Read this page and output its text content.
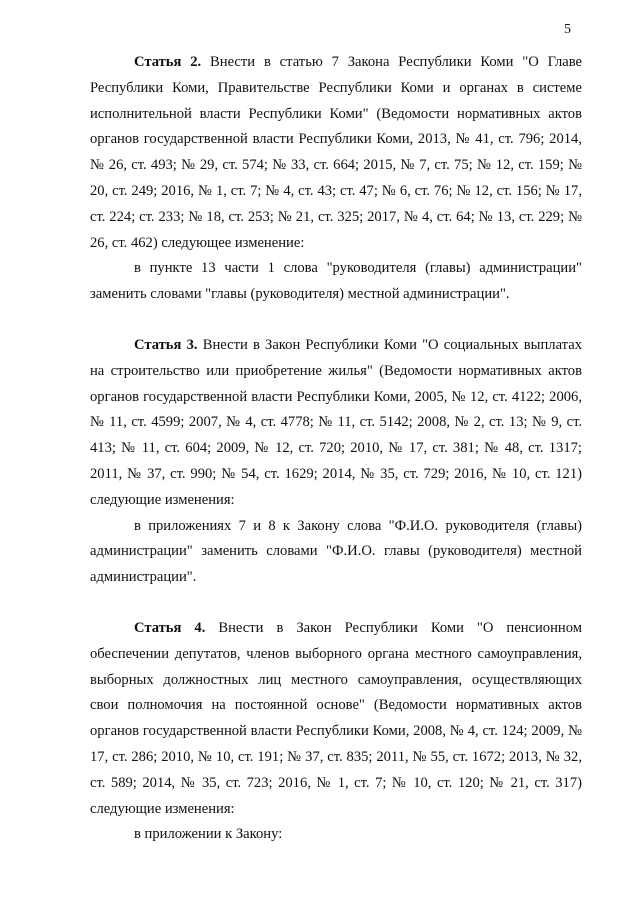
5

Статья 2. Внести в статью 7 Закона Республики Коми "О Главе Республики Коми, Правительстве Республики Коми и органах в системе исполнительной власти Республики Коми" (Ведомости нормативных актов органов государственной власти Республики Коми, 2013, № 41, ст. 796; 2014, № 26, ст. 493; № 29, ст. 574; № 33, ст. 664; 2015, № 7, ст. 75; № 12, ст. 159; № 20, ст. 249; 2016, № 1, ст. 7; № 4, ст. 43; ст. 47; № 6, ст. 76; № 12, ст. 156; № 17, ст. 224; ст. 233; № 18, ст. 253; № 21, ст. 325; 2017, № 4, ст. 64; № 13, ст. 229; № 26, ст. 462) следующее изменение:

в пункте 13 части 1 слова "руководителя (главы) администрации" заменить словами "главы (руководителя) местной администрации".

Статья 3. Внести в Закон Республики Коми "О социальных выплатах на строительство или приобретение жилья" (Ведомости нормативных актов органов государственной власти Республики Коми, 2005, № 12, ст. 4122; 2006, № 11, ст. 4599; 2007, № 4, ст. 4778; № 11, ст. 5142; 2008, № 2, ст. 13; № 9, ст. 413; № 11, ст. 604; 2009, № 12, ст. 720; 2010, № 17, ст. 381; № 48, ст. 1317; 2011, № 37, ст. 990; № 54, ст. 1629; 2014, № 35, ст. 729; 2016, № 10, ст. 121) следующие изменения:

в приложениях 7 и 8 к Закону слова "Ф.И.О. руководителя (главы) администрации" заменить словами "Ф.И.О. главы (руководителя) местной администрации".

Статья 4. Внести в Закон Республики Коми "О пенсионном обеспечении депутатов, членов выборного органа местного самоуправления, выборных должностных лиц местного самоуправления, осуществляющих свои полномочия на постоянной основе" (Ведомости нормативных актов органов государственной власти Республики Коми, 2008, № 4, ст. 124; 2009, № 17, ст. 286; 2010, № 10, ст. 191; № 37, ст. 835; 2011, № 55, ст. 1672; 2013, № 32, ст. 589; 2014, № 35, ст. 723; 2016, № 1, ст. 7; № 10, ст. 120; № 21, ст. 317) следующие изменения:

в приложении к Закону:
